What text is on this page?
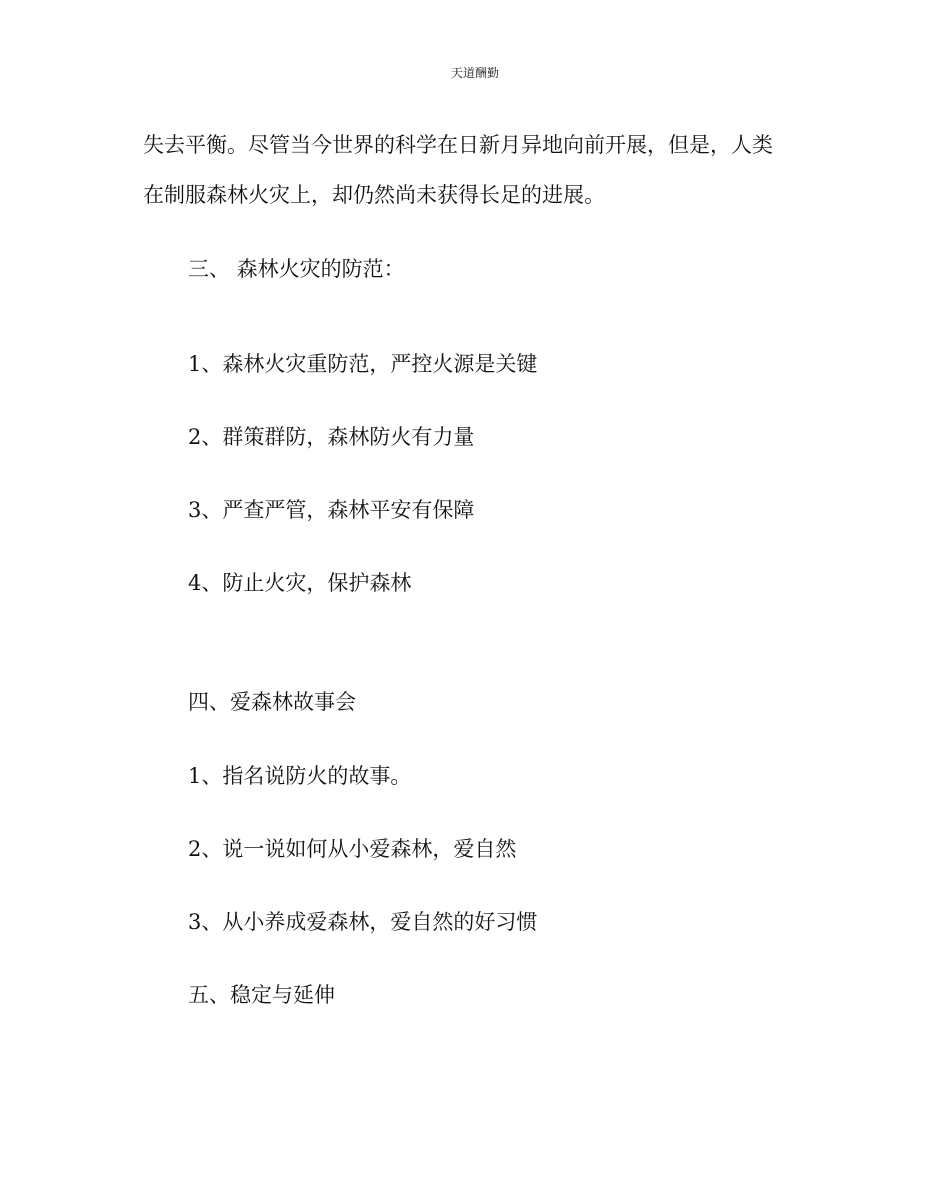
天道酬勤
失去平衡。尽管当今世界的科学在日新月异地向前开展，但是，人类
在制服森林火灾上，却仍然尚未获得长足的进展。
三、 森林火灾的防范：
1、森林火灾重防范，严控火源是关键
2、群策群防，森林防火有力量
3、严查严管，森林平安有保障
4、防止火灾，保护森林
四、爱森林故事会
1、指名说防火的故事。
2、说一说如何从小爱森林，爱自然
3、从小养成爱森林，爱自然的好习惯
五、稳定与延伸
